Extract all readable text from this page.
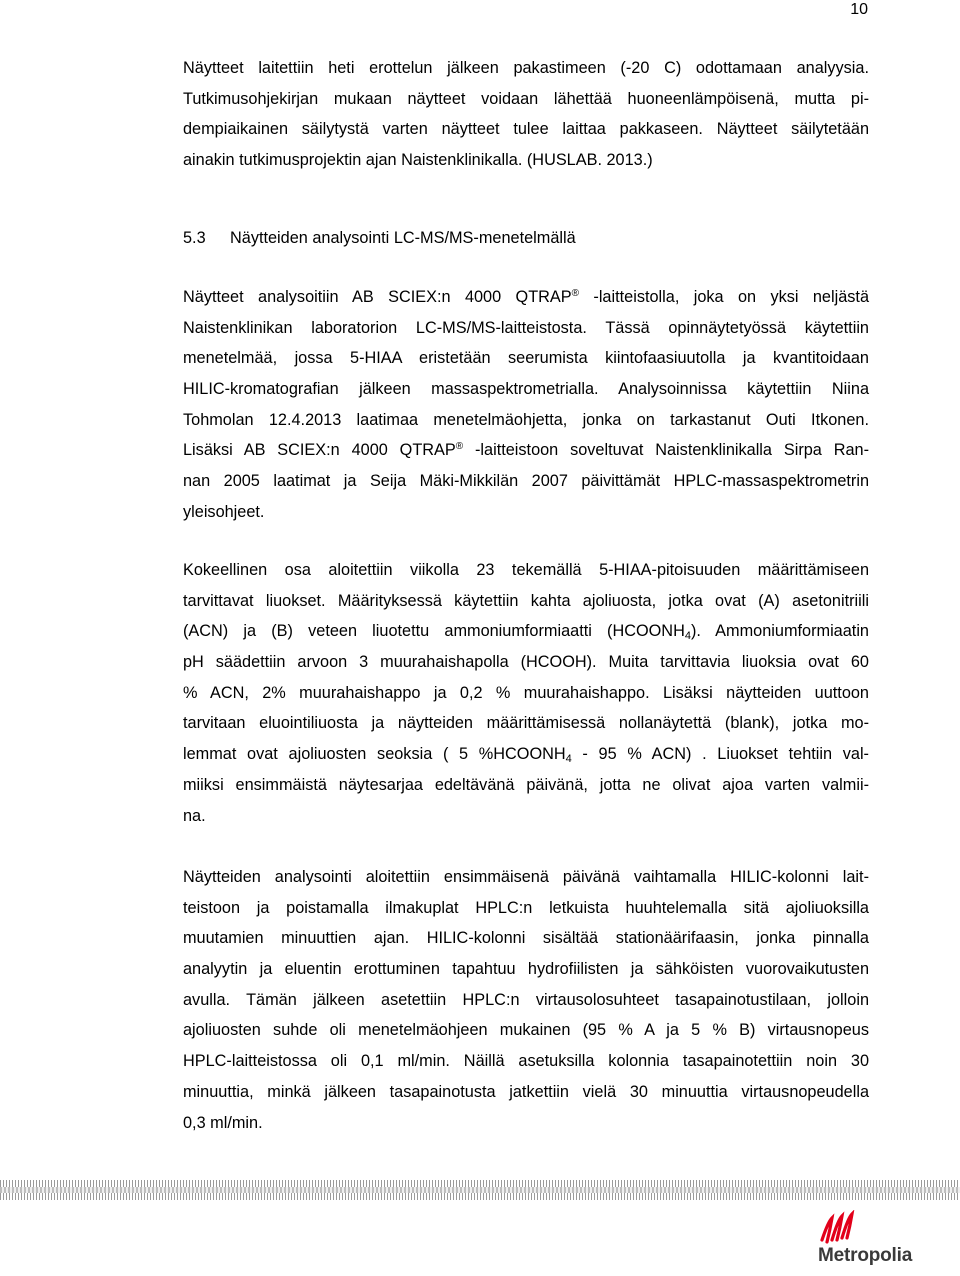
10
Näytteet laitettiin heti erottelun jälkeen pakastimeen (-20 C) odottamaan analyysia.
Tutkimusohjekirjan mukaan näytteet voidaan lähettää huoneenlämpöisenä, mutta pi-
dempiaikainen säilytystä varten näytteet tulee laittaa pakkaseen. Näytteet säilytetään
ainakin tutkimusprojektin ajan Naistenklinikalla. (HUSLAB. 2013.)
5.3 Näytteiden analysointi LC-MS/MS-menetelmällä
Näytteet analysoitiin AB SCIEX:n 4000 QTRAP® -laitteistolla, joka on yksi neljästä
Naistenklinikan laboratorion LC-MS/MS-laitteistosta. Tässä opinnäytetyössä käytettiin
menetelmää, jossa 5-HIAA eristetään seerumista kiintofaasiuutolla ja kvantitoidaan
HILIC-kromatografian jälkeen massaspektrometrialla. Analysoinnissa käytettiin Niina
Tohmolan 12.4.2013 laatimaa menetelmäohjetta, jonka on tarkastanut Outi Itkonen.
Lisäksi AB SCIEX:n 4000 QTRAP® -laitteistoon soveltuvat Naistenklinikalla Sirpa Ran-
nan 2005 laatimat ja Seija Mäki-Mikkilän 2007 päivittämät HPLC-massaspektrometrin
yleisohjeet.
Kokeellinen osa aloitettiin viikolla 23 tekemällä 5-HIAA-pitoisuuden määrittämiseen
tarvittavat liuokset. Määrityksessä käytettiin kahta ajoliuosta, jotka ovat (A) asetonitriili
(ACN) ja (B) veteen liuotettu ammoniumformiaatti $(HCOONH_4)$. Ammoniumformiaatin
pH säädettiin arvoon 3 muurahaishapolla (HCOOH). Muita tarvittavia liuoksia ovat 60
% ACN, 2% muurahaishappo ja 0,2 % muurahaishappo. Lisäksi näytteiden uuttoon
tarvitaan eluointiliuosta ja näytteiden määrittämisessä nollanäytettä (blank), jotka mo-
lemmat ovat ajoliuosten seoksia ( 5 $\%HCOONH_4 - 95$ % ACN) . Liuokset tehtiin val-
miiksi ensimmäistä näytesarjaa edeltävänä päivänä, jotta ne olivat ajoa varten valmii-
na.
Näytteiden analysointi aloitettiin ensimmäisenä päivänä vaihtamalla HILIC-kolonni lait-
teistoon ja poistamalla ilmakuplat HPLC:n letkuista huuhtelemalla sitä ajoliuoksilla
muutamien minuuttien ajan. HILIC-kolonni sisältää stationäärifaasin, jonka pinnalla
analyytin ja eluentin erottuminen tapahtuu hydrofiilisten ja sähköisten vuorovaikutusten
avulla. Tämän jälkeen asetettiin HPLC:n virtausolosuhteet tasapainotustilaan, jolloin
ajoliuosten suhde oli menetelmäohjeen mukainen (95 % A ja 5 % B) virtausnopeus
HPLC-laitteistossa oli 0,1 ml/min. Näillä asetuksilla kolonnia tasapainotettiin noin 30
minuuttia, minkä jälkeen tasapainotusta jatkettiin vielä 30 minuuttia virtausnopeudella
0,3 ml/min.
Metropolia
